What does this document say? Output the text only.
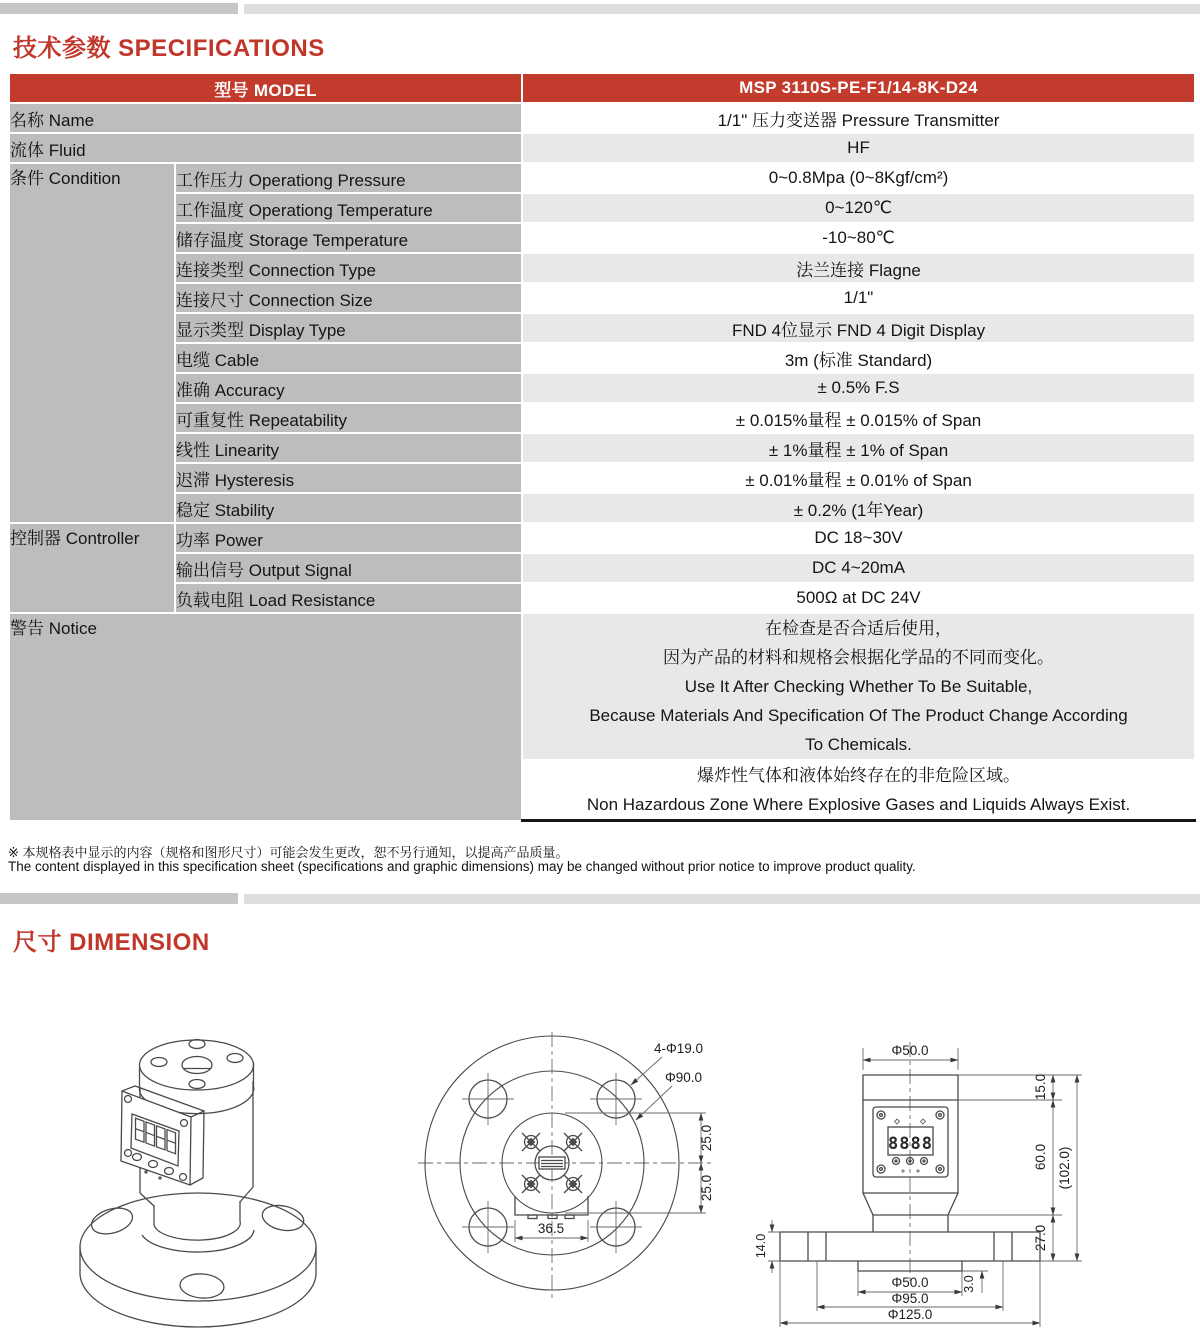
技术参数 SPECIFICATIONS
型号 MODEL		MSP 3110S-PE-F1/14-8K-D24
名称 Name		1/1" 压力变送器 Pressure Transmitter
流体 Fluid		HF
条件 Condition	工作压力 Operationg Pressure	0~0.8Mpa (0~8Kgf/cm²)
	工作温度 Operationg Temperature	0~120℃
	储存温度 Storage Temperature	-10~80℃
	连接类型 Connection Type	法兰连接 Flagne
	连接尺寸 Connection Size	1/1"
	显示类型 Display Type	FND 4位显示 FND 4 Digit Display
	电缆 Cable	3m (标准 Standard)
	准确 Accuracy	± 0.5% F.S
	可重复性 Repeatability	± 0.015%量程 ± 0.015% of Span
	线性 Linearity	± 1%量程 ± 1% of Span
	迟滞 Hysteresis	± 0.01%量程 ± 0.01% of Span
	稳定 Stability	± 0.2% (1年Year)
控制器 Controller	功率 Power	DC 18~30V
	输出信号 Output Signal	DC 4~20mA
	负载电阻 Load Resistance	500Ω at DC 24V
警告 Notice		在检查是否合适后使用，
因为产品的材料和规格会根据化学品的不同而变化。
Use It After Checking Whether To Be Suitable,
Because Materials And Specification Of The Product Change According
To Chemicals.

		爆炸性气体和液体始终存在的非危险区域。
Non Hazardous Zone Where Explosive Gases and Liquids Always Exist.
※ 本规格表中显示的内容（规格和图形尺寸）可能会发生更改，恕不另行通知，以提高产品质量。
The content displayed in this specification sheet (specifications and graphic dimensions) may be changed without prior notice to improve product quality.
尺寸 DIMENSION
36.5
25.0
25.0
4-Φ19.0
Φ90.0
8888
Φ50.0
15.0
60.0
27.0
(102.0)
14.0
3.0
Φ50.0
Φ95.0
Φ125.0
